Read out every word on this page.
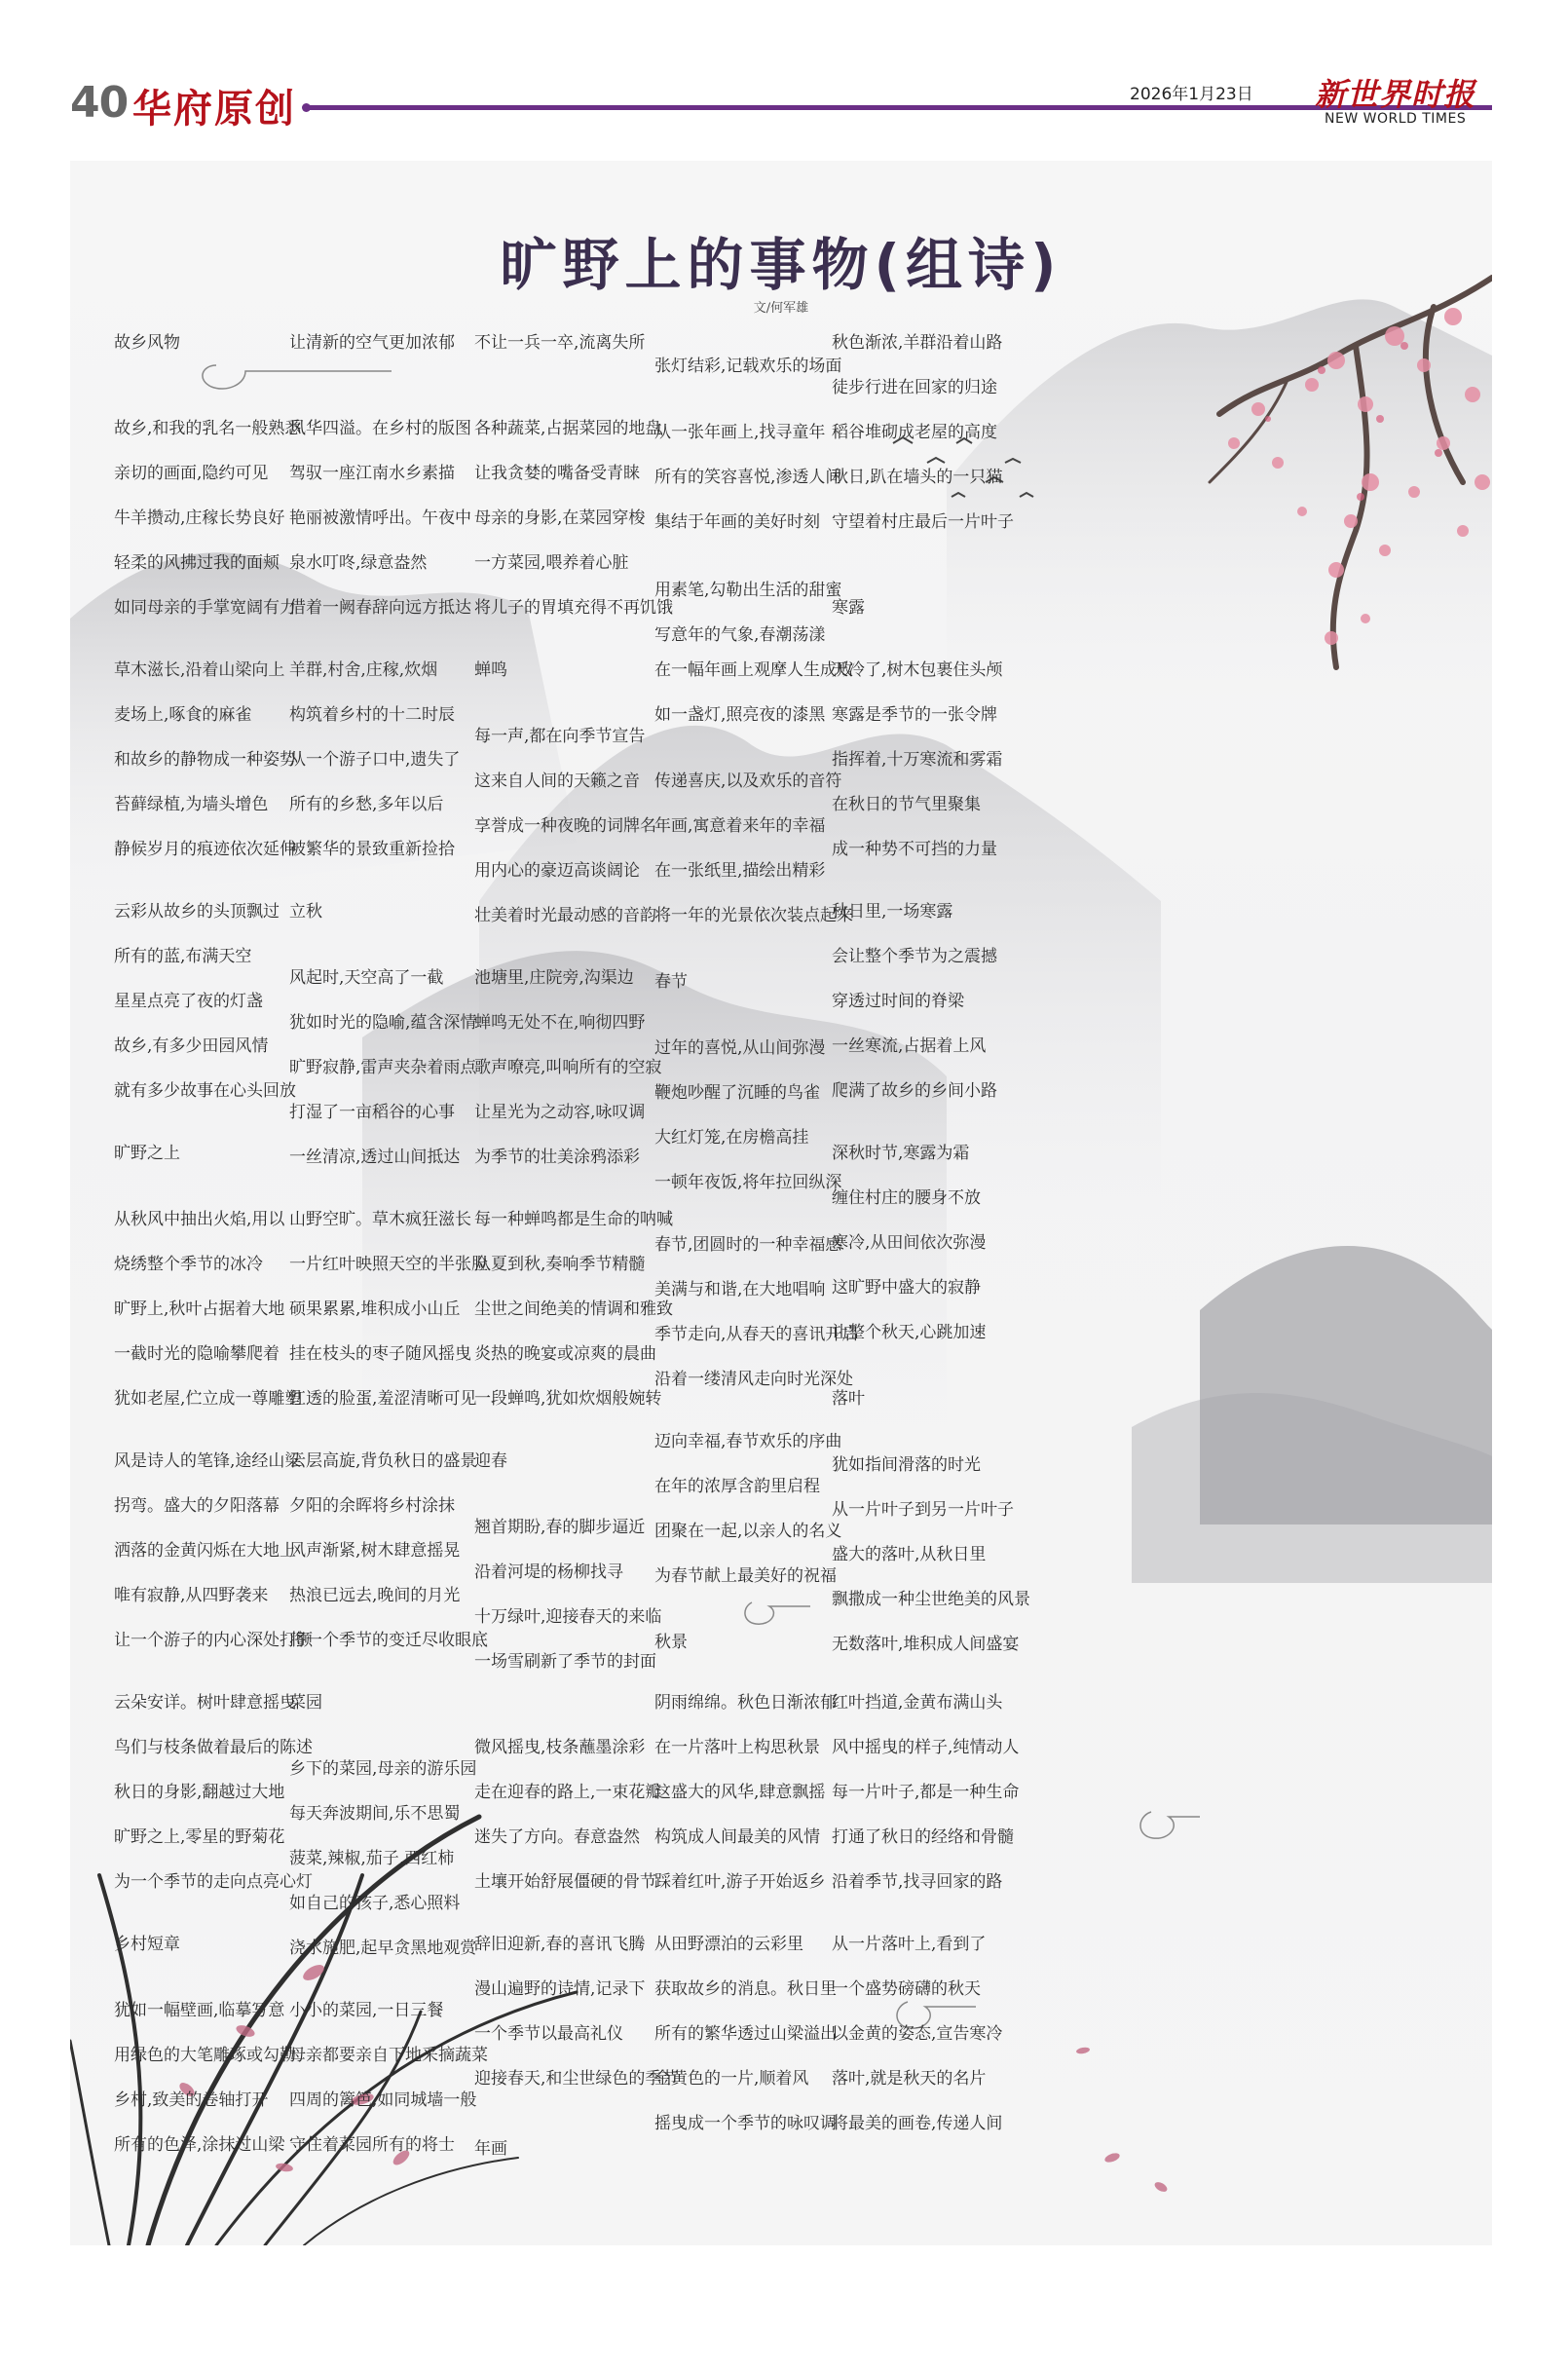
40 华府原创	2026年1月23日 新世界时报
NEW WORLD TIMES
旷野上的事物(组诗)
文/何军雄
故乡风物
故乡,和我的乳名一般熟悉
亲切的画面,隐约可见
牛羊攒动,庄稼长势良好
轻柔的风拂过我的面颊
如同母亲的手掌宽阔有力
草木滋长,沿着山梁向上
麦场上,啄食的麻雀
和故乡的静物成一种姿势
苔藓绿植,为墙头增色
静候岁月的痕迹依次延伸
云彩从故乡的头顶飘过
所有的蓝,布满天空
星星点亮了夜的灯盏
故乡,有多少田园风情
就有多少故事在心头回放
旷野之上
从秋风中抽出火焰,用以
烧绣整个季节的冰冷
旷野上,秋叶占据着大地
一截时光的隐喻攀爬着
犹如老屋,伫立成一尊雕塑
风是诗人的笔锋,途经山梁
拐弯。盛大的夕阳落幕
洒落的金黄闪烁在大地上
唯有寂静,从四野袭来
让一个游子的内心深处打颤
云朵安详。树叶肆意摇曳
鸟们与枝条做着最后的陈述
秋日的身影,翻越过大地
旷野之上,零星的野菊花
为一个季节的走向点亮心灯
乡村短章
犹如一幅壁画,临摹写意
用绿色的大笔雕琢或勾勒
乡村,致美的卷轴打开
所有的色泽,涂抹过山梁
让清新的空气更加浓郁
风华四溢。在乡村的版图
驾驭一座江南水乡素描
艳丽被激情呼出。午夜中
泉水叮咚,绿意盎然
借着一阙春辞向远方抵达
羊群,村舍,庄稼,炊烟
构筑着乡村的十二时辰
从一个游子口中,遗失了
所有的乡愁,多年以后
被繁华的景致重新捡拾
立秋
风起时,天空高了一截
犹如时光的隐喻,蕴含深情
旷野寂静,雷声夹杂着雨点
打湿了一亩稻谷的心事
一丝清凉,透过山间抵达
山野空旷。草木疯狂滋长
一片红叶映照天空的半张脸
硕果累累,堆积成小山丘
挂在枝头的枣子随风摇曳
红透的脸蛋,羞涩清晰可见
云层高旋,背负秋日的盛景
夕阳的余晖将乡村涂抹
风声渐紧,树木肆意摇晃
热浪已远去,晚间的月光
将一个季节的变迁尽收眼底
菜园
乡下的菜园,母亲的游乐园
每天奔波期间,乐不思蜀
菠菜,辣椒,茄子,西红柿
如自己的孩子,悉心照料
浇水施肥,起早贪黑地观赏
小小的菜园,一日三餐
母亲都要亲自下地采摘蔬菜
四周的篱笆,如同城墙一般
守住着菜园所有的将士
不让一兵一卒,流离失所
各种蔬菜,占据菜园的地盘
让我贪婪的嘴备受青睐
母亲的身影,在菜园穿梭
一方菜园,喂养着心脏
将儿子的胃填充得不再饥饿
蝉鸣
每一声,都在向季节宣告
这来自人间的天籁之音
享誉成一种夜晚的词牌名
用内心的豪迈高谈阔论
壮美着时光最动感的音韵
池塘里,庄院旁,沟渠边
蝉鸣无处不在,响彻四野
歌声嘹亮,叫响所有的空寂
让星光为之动容,咏叹调
为季节的壮美涂鸦添彩
每一种蝉鸣都是生命的呐喊
从夏到秋,奏响季节精髓
尘世之间绝美的情调和雅致
炎热的晚宴或凉爽的晨曲
一段蝉鸣,犹如炊烟般婉转
迎春
翘首期盼,春的脚步逼近
沿着河堤的杨柳找寻
十万绿叶,迎接春天的来临
一场雪刷新了季节的封面
微风摇曳,枝条蘸墨涂彩
走在迎春的路上,一束花瓣
迷失了方向。春意盎然
土壤开始舒展僵硬的骨节
辞旧迎新,春的喜讯飞腾
漫山遍野的诗情,记录下
一个季节以最高礼仪
迎接春天,和尘世绿色的季节
年画
张灯结彩,记载欢乐的场面
从一张年画上,找寻童年
所有的笑容喜悦,渗透人间
集结于年画的美好时刻
用素笔,勾勒出生活的甜蜜
写意年的气象,春潮荡漾
在一幅年画上观摩人生成败
如一盏灯,照亮夜的漆黑
传递喜庆,以及欢乐的音符
年画,寓意着来年的幸福
在一张纸里,描绘出精彩
将一年的光景依次装点起来
春节
过年的喜悦,从山间弥漫
鞭炮吵醒了沉睡的鸟雀
大红灯笼,在房檐高挂
一顿年夜饭,将年拉回纵深
春节,团圆时的一种幸福感
美满与和谐,在大地唱响
季节走向,从春天的喜讯开启
沿着一缕清风走向时光深处
迈向幸福,春节欢乐的序曲
在年的浓厚含韵里启程
团聚在一起,以亲人的名义
为春节献上最美好的祝福
秋景
阴雨绵绵。秋色日渐浓郁
在一片落叶上构思秋景
这盛大的风华,肆意飘摇
构筑成人间最美的风情
踩着红叶,游子开始返乡
从田野漂泊的云彩里
获取故乡的消息。秋日里
所有的繁华透过山梁溢出
金黄色的一片,顺着风
摇曳成一个季节的咏叹调
秋色渐浓,羊群沿着山路
徒步行进在回家的归途
稻谷堆砌成老屋的高度
秋日,趴在墙头的一只猫
守望着村庄最后一片叶子
寒露
天冷了,树木包裹住头颅
寒露是季节的一张令牌
指挥着,十万寒流和雾霜
在秋日的节气里聚集
成一种势不可挡的力量
秋日里,一场寒露
会让整个季节为之震撼
穿透过时间的脊梁
一丝寒流,占据着上风
爬满了故乡的乡间小路
深秋时节,寒露为霜
缠住村庄的腰身不放
寒冷,从田间依次弥漫
这旷野中盛大的寂静
让整个秋天,心跳加速
落叶
犹如指间滑落的时光
从一片叶子到另一片叶子
盛大的落叶,从秋日里
飘撒成一种尘世绝美的风景
无数落叶,堆积成人间盛宴
红叶挡道,金黄布满山头
风中摇曳的样子,纯情动人
每一片叶子,都是一种生命
打通了秋日的经络和骨髓
沿着季节,找寻回家的路
从一片落叶上,看到了
一个盛势磅礴的秋天
以金黄的姿态,宣告寒冷
落叶,就是秋天的名片
将最美的画卷,传递人间
